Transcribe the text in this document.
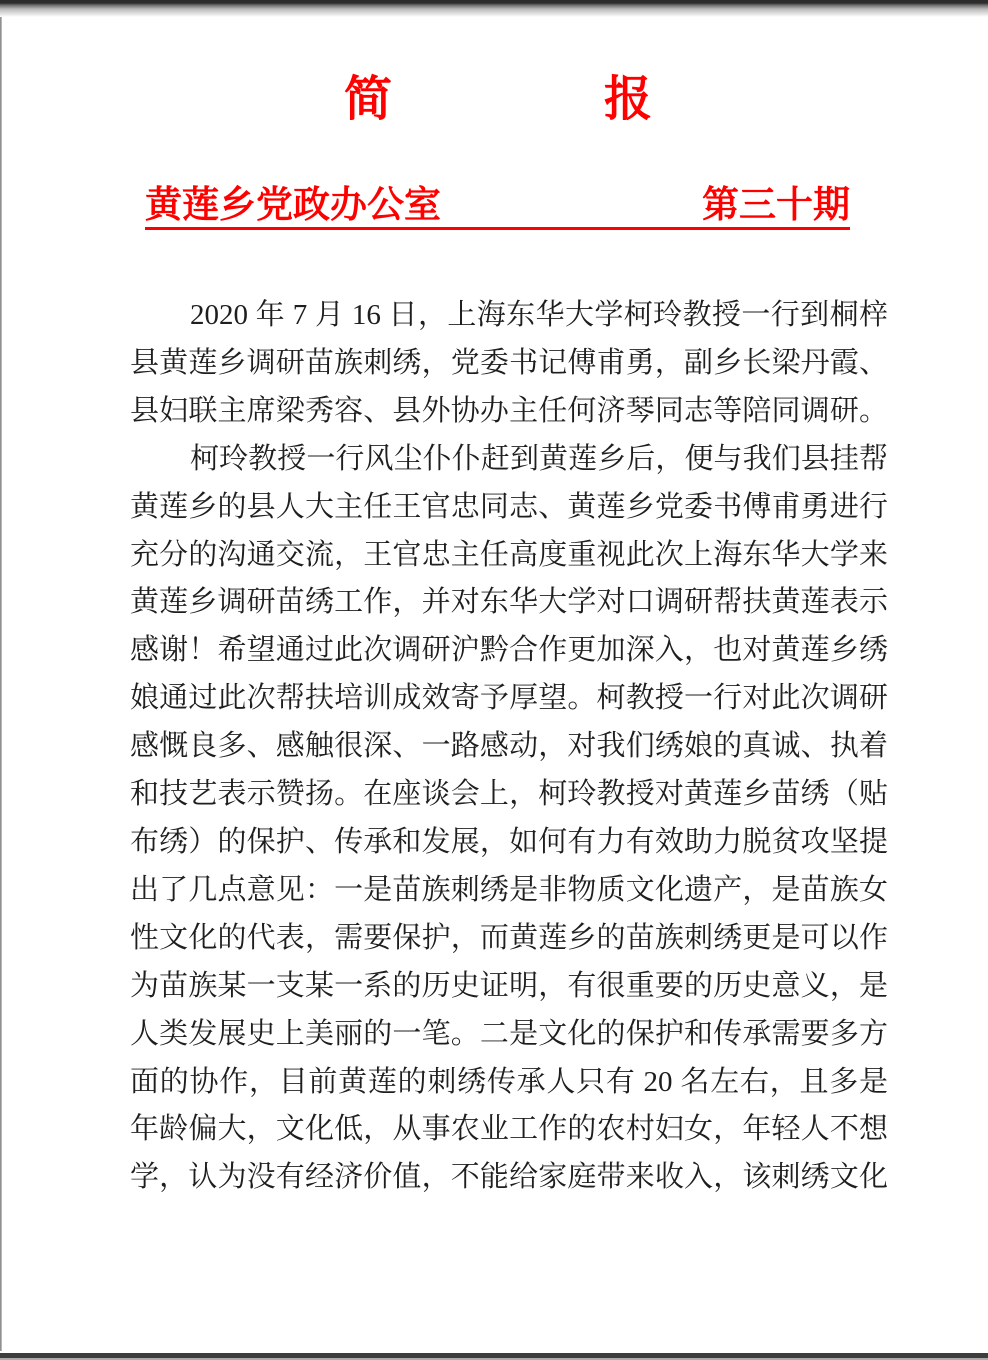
简	报
黄莲乡党政办公室	第三十期
2020 年 7 月 16 日，上海东华大学柯玲教授一行到桐梓
县黄莲乡调研苗族刺绣，党委书记傅甫勇，副乡长梁丹霞、
县妇联主席梁秀容、县外协办主任何济琴同志等陪同调研。
柯玲教授一行风尘仆仆赶到黄莲乡后，便与我们县挂帮
黄莲乡的县人大主任王官忠同志、黄莲乡党委书傅甫勇进行
充分的沟通交流，王官忠主任高度重视此次上海东华大学来
黄莲乡调研苗绣工作，并对东华大学对口调研帮扶黄莲表示
感谢！希望通过此次调研沪黔合作更加深入，也对黄莲乡绣
娘通过此次帮扶培训成效寄予厚望。柯教授一行对此次调研
感慨良多、感触很深、一路感动，对我们绣娘的真诚、执着
和技艺表示赞扬。在座谈会上，柯玲教授对黄莲乡苗绣（贴
布绣）的保护、传承和发展，如何有力有效助力脱贫攻坚提
出了几点意见：一是苗族刺绣是非物质文化遗产，是苗族女
性文化的代表，需要保护，而黄莲乡的苗族刺绣更是可以作
为苗族某一支某一系的历史证明，有很重要的历史意义，是
人类发展史上美丽的一笔。二是文化的保护和传承需要多方
面的协作，目前黄莲的刺绣传承人只有 20 名左右，且多是
年龄偏大，文化低，从事农业工作的农村妇女，年轻人不想
学，认为没有经济价值，不能给家庭带来收入，该刺绣文化
